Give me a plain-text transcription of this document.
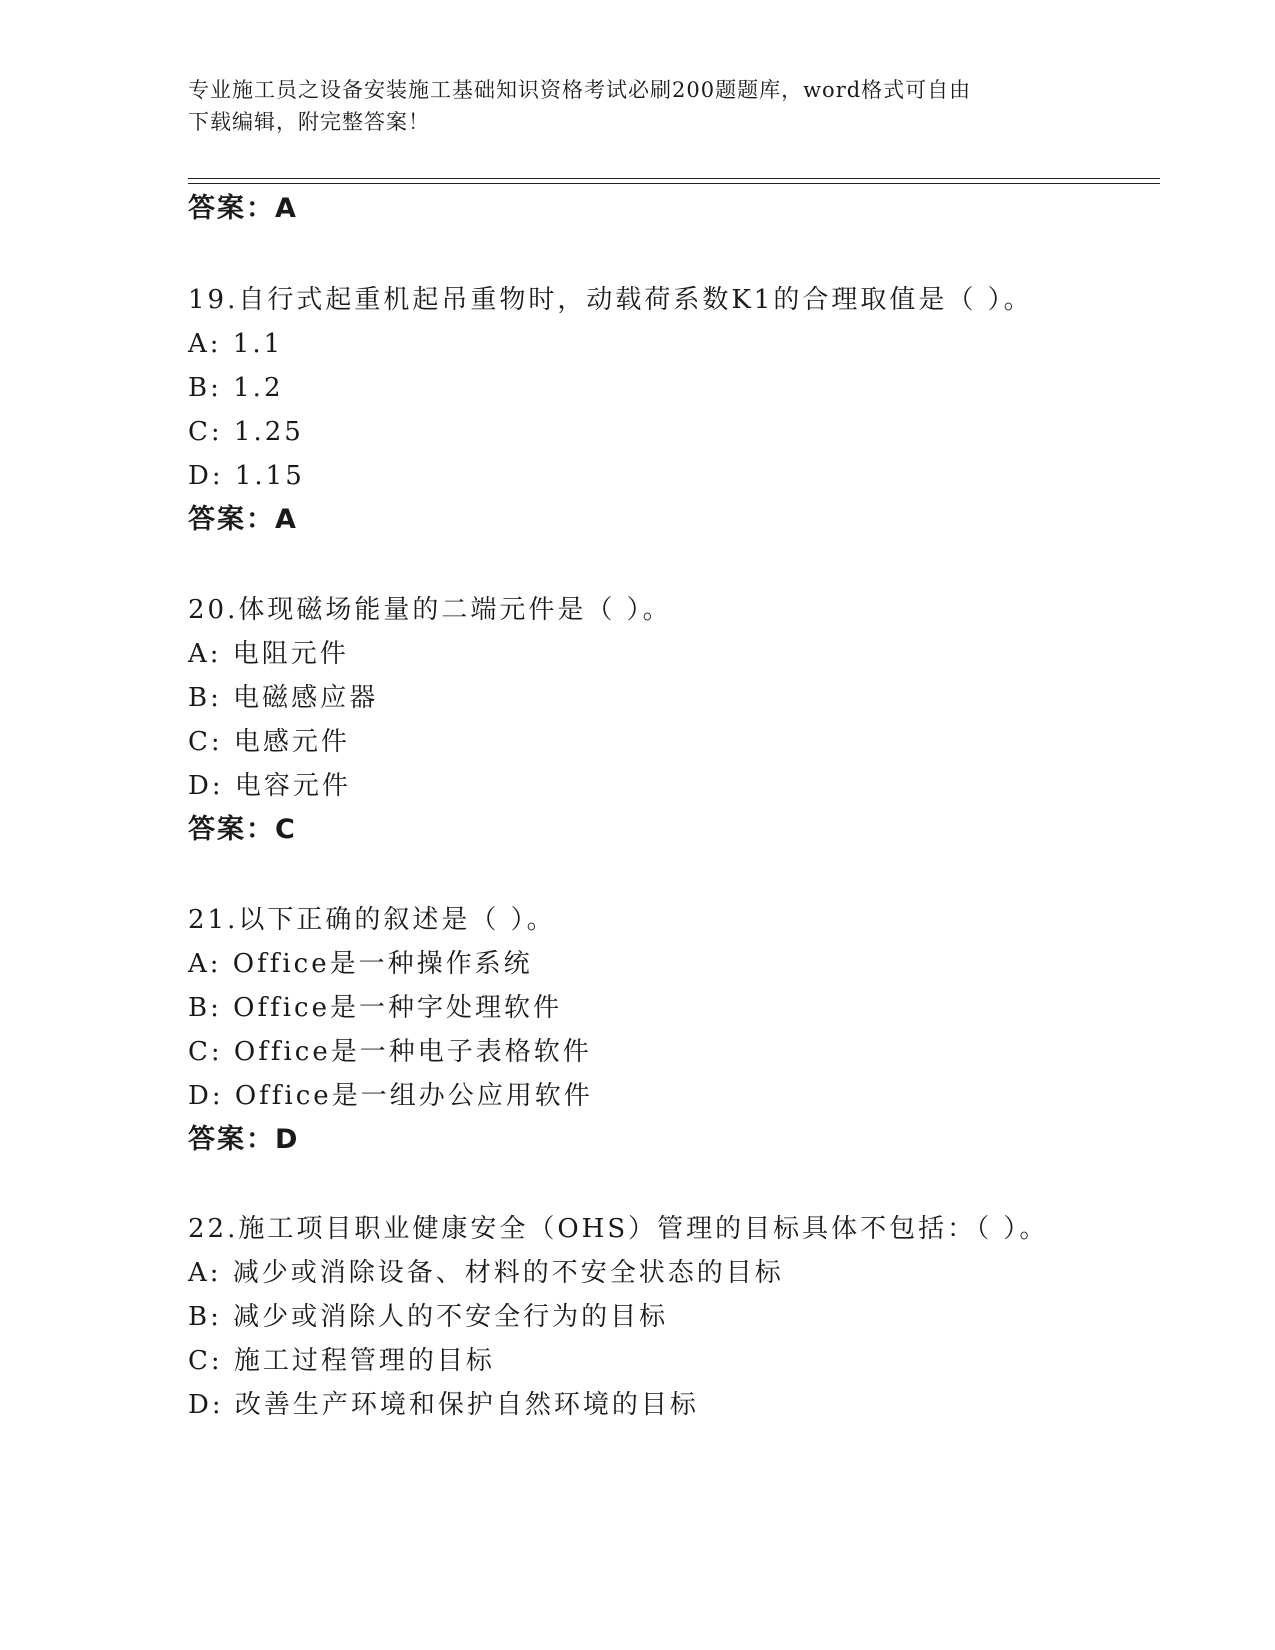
专业施工员之设备安装施工基础知识资格考试必刷200题题库，word格式可自由
下载编辑，附完整答案！
答案：A
19.自行式起重机起吊重物时，动载荷系数K1的合理取值是（ ）。
A: 1.1
B: 1.2
C: 1.25
D: 1.15
答案：A
20.体现磁场能量的二端元件是（ ）。
A: 电阻元件
B: 电磁感应器
C: 电感元件
D: 电容元件
答案：C
21.以下正确的叙述是（ ）。
A: Office是一种操作系统
B: Office是一种字处理软件
C: Office是一种电子表格软件
D: Office是一组办公应用软件
答案：D
22.施工项目职业健康安全（OHS）管理的目标具体不包括：（ ）。
A: 减少或消除设备、材料的不安全状态的目标
B: 减少或消除人的不安全行为的目标
C: 施工过程管理的目标
D: 改善生产环境和保护自然环境的目标
